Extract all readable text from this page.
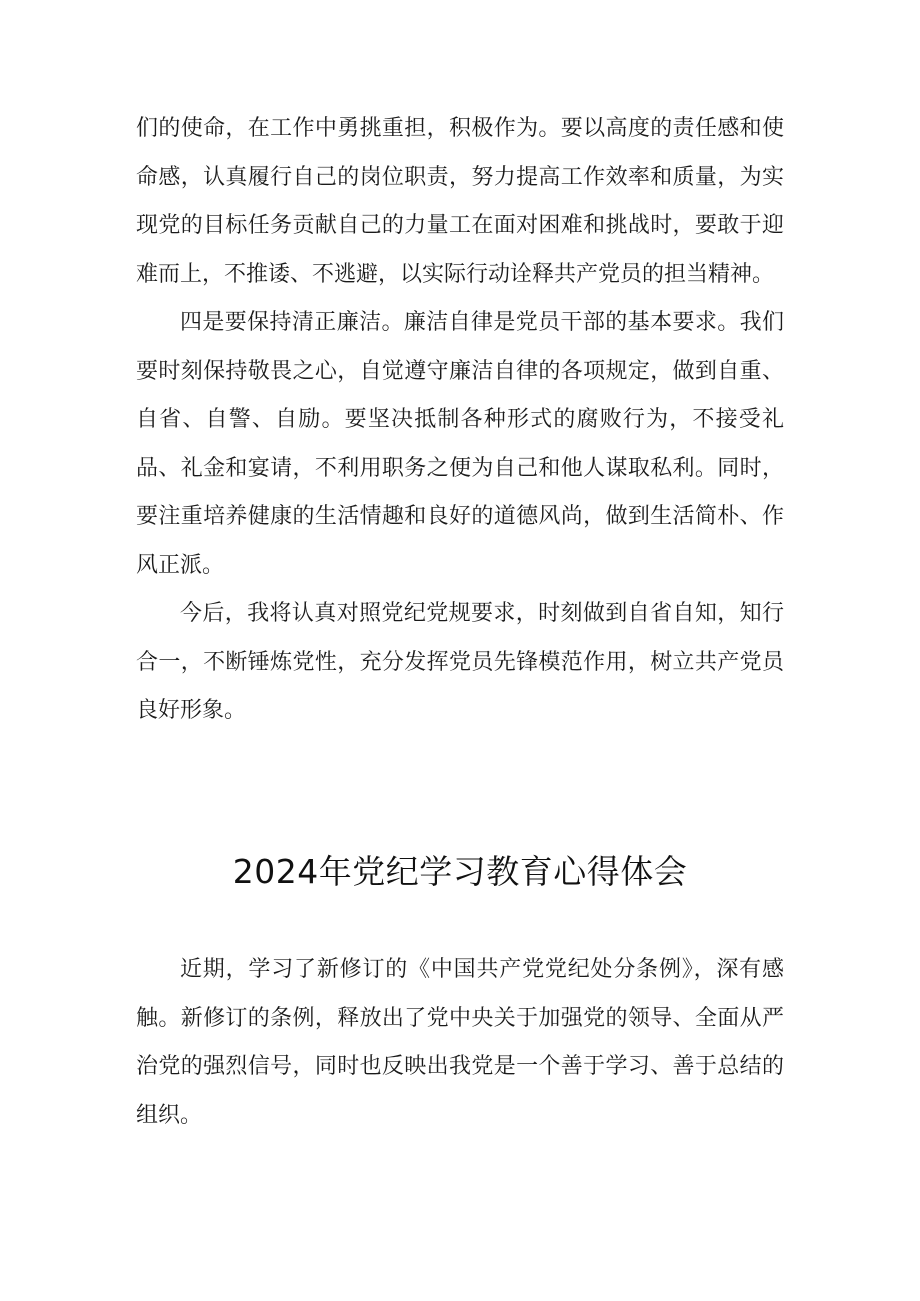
们的使命，在工作中勇挑重担，积极作为。要以高度的责任感和使命感，认真履行自己的岗位职责，努力提高工作效率和质量，为实现党的目标任务贡献自己的力量工在面对困难和挑战时，要敢于迎难而上，不推诿、不逃避，以实际行动诠释共产党员的担当精神。

四是要保持清正廉洁。廉洁自律是党员干部的基本要求。我们要时刻保持敬畏之心，自觉遵守廉洁自律的各项规定，做到自重、自省、自警、自励。要坚决抵制各种形式的腐败行为，不接受礼品、礼金和宴请，不利用职务之便为自己和他人谋取私利。同时，要注重培养健康的生活情趣和良好的道德风尚，做到生活简朴、作风正派。

今后，我将认真对照党纪党规要求，时刻做到自省自知，知行合一，不断锤炼党性，充分发挥党员先锋模范作用，树立共产党员良好形象。

2024年党纪学习教育心得体会

近期，学习了新修订的《中国共产党党纪处分条例》，深有感触。新修订的条例，释放出了党中央关于加强党的领导、全面从严治党的强烈信号，同时也反映出我党是一个善于学习、善于总结的组织。
